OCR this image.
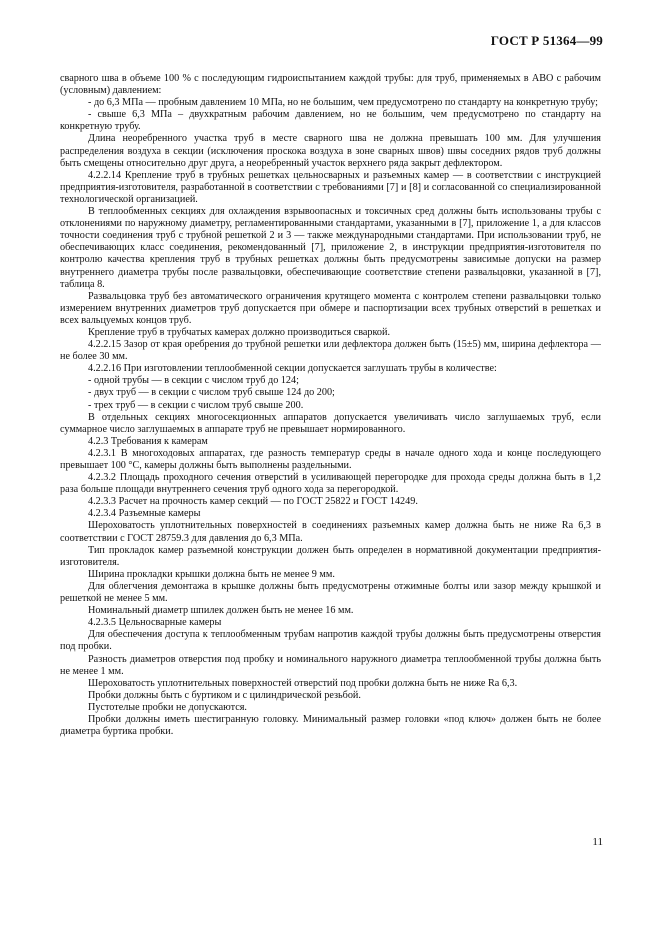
ГОСТ Р 51364—99

сварного шва в объеме 100 % с последующим гидроиспытанием каждой трубы: для труб, применяемых в АВО с рабочим (условным) давлением:

- до 6,3 МПа — пробным давлением 10 МПа, но не большим, чем предусмотрено по стандарту на конкретную трубу;

- свыше 6,3 МПа – двухкратным рабочим давлением, но не большим, чем предусмотрено по стандарту на конкретную трубу.

Длина неоребренного участка труб в месте сварного шва не должна превышать 100 мм. Для улучшения распределения воздуха в секции (исключения проскока воздуха в зоне сварных швов) швы соседних рядов труб должны быть смещены относительно друг друга, а неоребренный участок верхнего ряда закрыт дефлектором.

4.2.2.14 Крепление труб в трубных решетках цельносварных и разъемных камер — в соответствии с инструкцией предприятия-изготовителя, разработанной в соответствии с требованиями [7] и [8] и согласованной со специализированной технологической организацией.

В теплообменных секциях для охлаждения взрывоопасных и токсичных сред должны быть использованы трубы с отклонениями по наружному диаметру, регламентированными стандартами, указанными в [7], приложение 1, а для классов точности соединения труб с трубной решеткой 2 и 3 — также международными стандартами. При использовании труб, не обеспечивающих класс соединения, рекомендованный [7], приложение 2, в инструкции предприятия-изготовителя по контролю качества крепления труб в трубных решетках должны быть предусмотрены зависимые допуски на размер внутреннего диаметра трубы после развальцовки, обеспечивающие соответствие степени развальцовки, указанной в [7], таблица 8.

Развальцовка труб без автоматического ограничения крутящего момента с контролем степени развальцовки только измерением внутренних диаметров труб допускается при обмере и паспортизации всех трубных отверстий в решетках и всех вальцуемых концов труб.

Крепление труб в трубчатых камерах должно производиться сваркой.

4.2.2.15 Зазор от края оребрения до трубной решетки или дефлектора должен быть (15±5) мм, ширина дефлектора — не более 30 мм.

4.2.2.16 При изготовлении теплообменной секции допускается заглушать трубы в количестве:

- одной трубы — в секции с числом труб до 124;

- двух труб — в секции с числом труб свыше 124 до 200;

- трех труб — в секции с числом труб свыше 200.

В отдельных секциях многосекционных аппаратов допускается увеличивать число заглушаемых труб, если суммарное число заглушаемых в аппарате труб не превышает нормированного.

4.2.3 Требования к камерам

4.2.3.1 В многоходовых аппаратах, где разность температур среды в начале одного хода и конце последующего превышает 100 °С, камеры должны быть выполнены раздельными.

4.2.3.2 Площадь проходного сечения отверстий в усиливающей перегородке для прохода среды должна быть в 1,2 раза больше площади внутреннего сечения труб одного хода за перегородкой.

4.2.3.3 Расчет на прочность камер секций — по ГОСТ 25822 и ГОСТ 14249.

4.2.3.4 Разъемные камеры

Шероховатость уплотнительных поверхностей в соединениях разъемных камер должна быть не ниже Ra 6,3 в соответствии с ГОСТ 28759.3 для давления до 6,3 МПа.

Тип прокладок камер разъемной конструкции должен быть определен в нормативной документации предприятия-изготовителя.

Ширина прокладки крышки должна быть не менее 9 мм.

Для облегчения демонтажа в крышке должны быть предусмотрены отжимные болты или зазор между крышкой и решеткой не менее 5 мм.

Номинальный диаметр шпилек должен быть не менее 16 мм.

4.2.3.5 Цельносварные камеры

Для обеспечения доступа к теплообменным трубам напротив каждой трубы должны быть предусмотрены отверстия под пробки.

Разность диаметров отверстия под пробку и номинального наружного диаметра теплообменной трубы должна быть не менее 1 мм.

Шероховатость уплотнительных поверхностей отверстий под пробки должна быть не ниже Ra 6,3.

Пробки должны быть с буртиком и с цилиндрической резьбой.

Пустотелые пробки не допускаются.

Пробки должны иметь шестигранную головку. Минимальный размер головки «под ключ» должен быть не более диаметра буртика пробки.

11
